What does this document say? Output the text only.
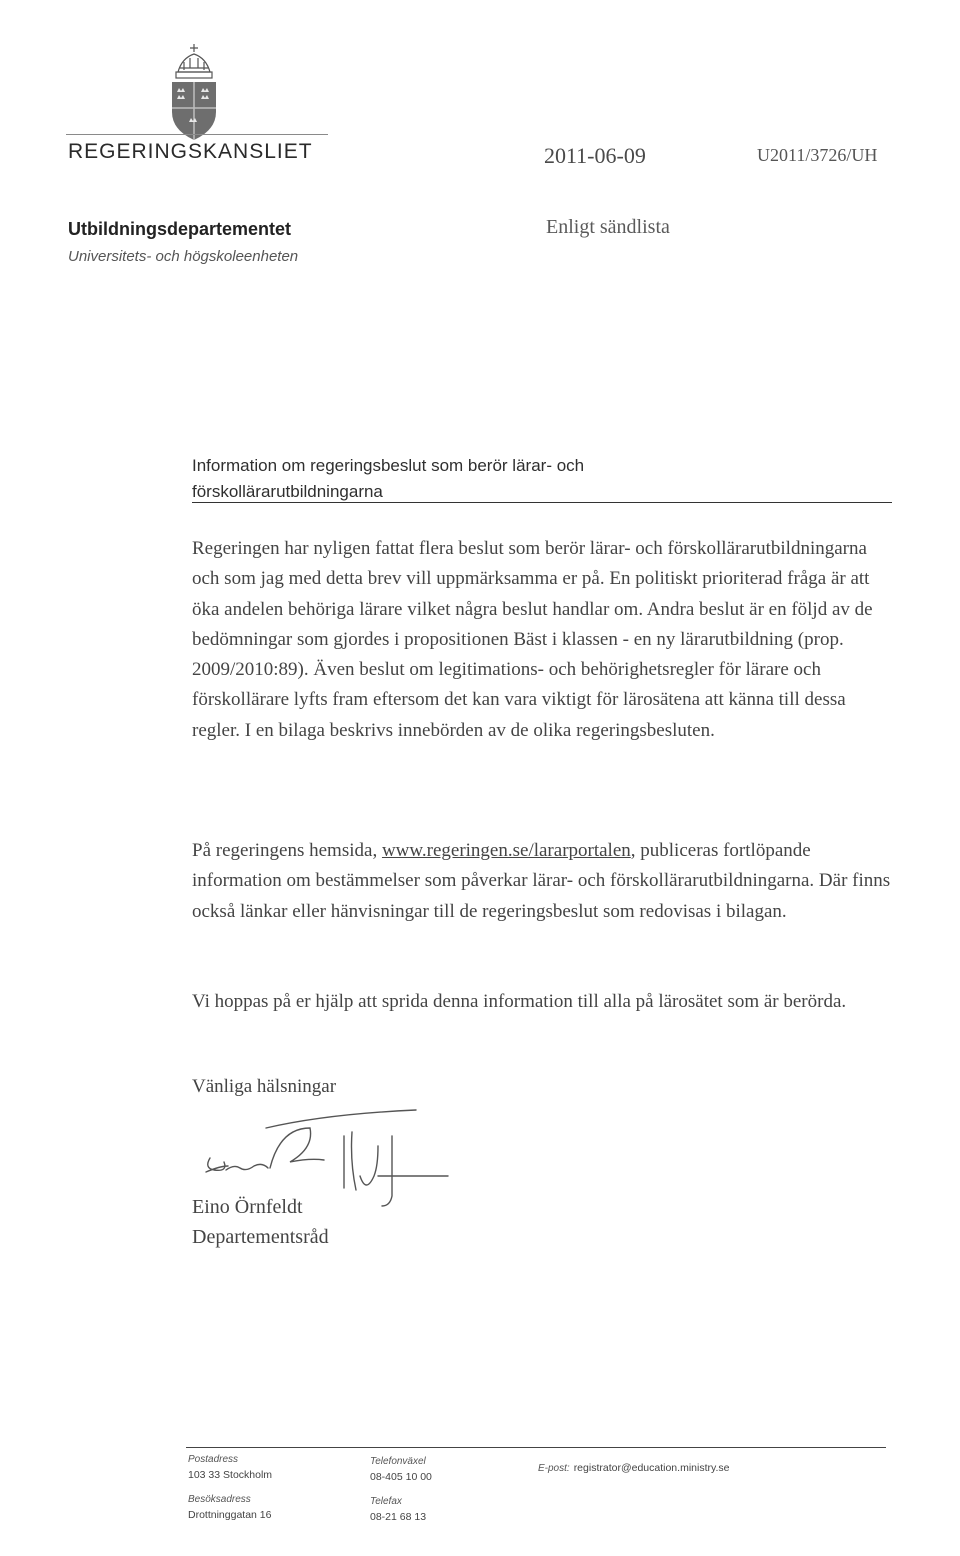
REGERINGSKANSLIET	2011-06-09	U2011/3726/UH
Utbildningsdepartementet
Universitets- och högskoleenheten
Enligt sändlista
Information om regeringsbeslut som berör lärar- och
förskollärarutbildningarna

Regeringen har nyligen fattat flera beslut som berör lärar- och förskollärarutbildningarna och som jag med detta brev vill uppmärksamma er på. En politiskt prioriterad fråga är att öka andelen behöriga lärare vilket några beslut handlar om. Andra beslut är en följd av de bedömningar som gjordes i propositionen Bäst i klassen - en ny lärarutbildning (prop. 2009/2010:89). Även beslut om legitimations- och behörighetsregler för lärare och förskollärare lyfts fram eftersom det kan vara viktigt för lärosätena att känna till dessa regler. I en bilaga beskrivs innebörden av de olika regeringsbesluten.

På regeringens hemsida, www.regeringen.se/lararportalen, publiceras fortlöpande information om bestämmelser som påverkar lärar- och förskollärarutbildningarna. Där finns också länkar eller hänvisningar till de regeringsbeslut som redovisas i bilagan.

Vi hoppas på er hjälp att sprida denna information till alla på lärosätet som är berörda.

Vänliga hälsningar
Eino Örnfeldt
Departementsråd
Postadress
103 33 Stockholm
Besöksadress
Drottninggatan 16
Telefonväxel
08-405 10 00
Telefax
08-21 68 13
E-post: registrator@education.ministry.se
